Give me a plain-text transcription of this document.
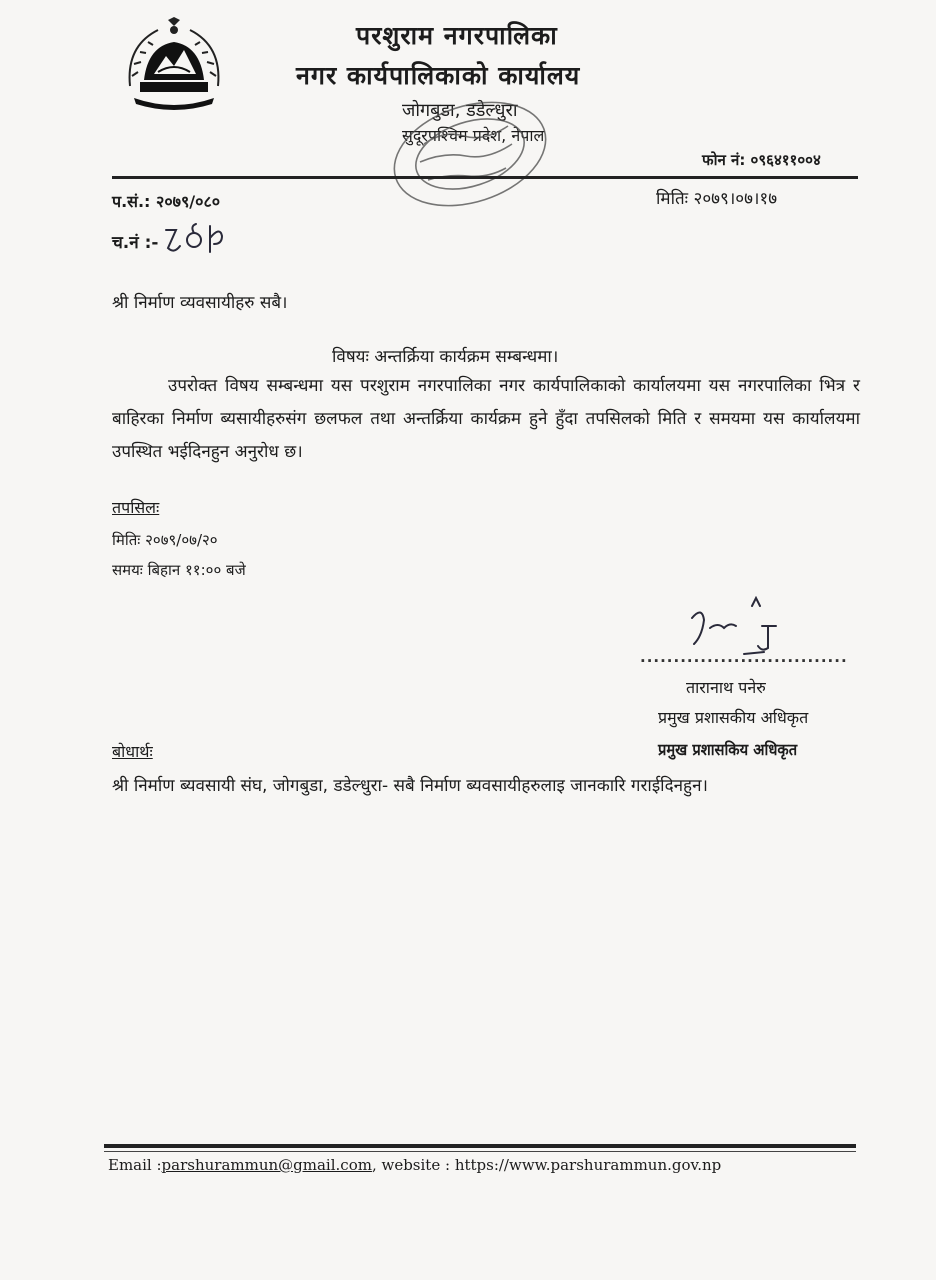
परशुराम नगरपालिका
नगर कार्यपालिकाको कार्यालय
जोगबुडा, डडेल्धुरा
सुदूरपश्चिम प्रदेश, नेपाल
फोन नं: ०९६४११००४
प.सं.: २०७९/०८०	मितिः २०७९।०७।१७
च.नं :-
श्री निर्माण व्यवसायीहरु सबै।
विषयः अन्तर्क्रिया कार्यक्रम सम्बन्धमा।
उपरोक्त विषय सम्बन्धमा यस परशुराम नगरपालिका नगर कार्यपालिकाको कार्यालयमा यस नगरपालिका भित्र र बाहिरका निर्माण ब्यसायीहरुसंग छलफल तथा अन्तर्क्रिया कार्यक्रम हुने हुँदा तपसिलको मिति र समयमा यस कार्यालयमा उपस्थित भईदिनहुन अनुरोध छ।
तपसिलः
मितिः २०७९/०७/२०
समयः बिहान ११:०० बजे
...............................
तारानाथ पनेरु
प्रमुख प्रशासकीय अधिकृत
प्रमुख प्रशासकिय अधिकृत
बोधार्थः
श्री निर्माण ब्यवसायी संघ, जोगबुडा, डडेल्धुरा- सबै निर्माण ब्यवसायीहरुलाइ जानकारि गराईदिनहुन।
Email :parshurammun@gmail.com, website : https://www.parshurammun.gov.np
